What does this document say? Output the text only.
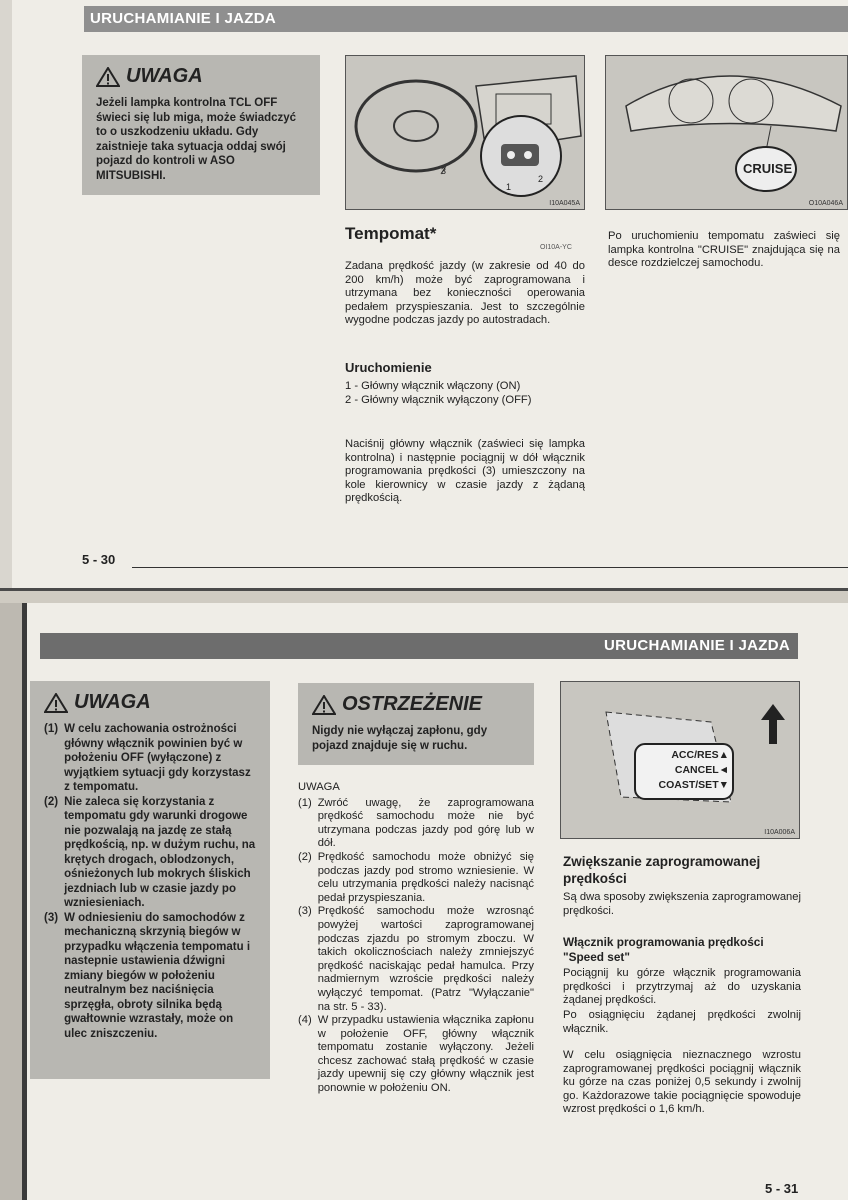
URUCHAMIANIE I JAZDA
UWAGA

Jeżeli lampka kontrolna TCL OFF świeci się lub miga, może świadczyć to o uszkodzeniu układu. Gdy zaistnieje taka sytuacja oddaj swój pojazd do kontroli w ASO MITSUBISHI.	3
1
2
I10A045A
CRUISE
O10A046A
Tempomat*
OI10A-YC

Zadana prędkość jazdy (w zakresie od 40 do 200 km/h) może być zaprogramowana i utrzymana bez konieczności operowania pedałem przyspieszania. Jest to szczególnie wygodne podczas jazdy po autostradach.

Uruchomienie
1 - Główny włącznik włączony (ON)
2 - Główny włącznik wyłączony (OFF)

Naciśnij główny włącznik (zaświeci się lampka kontrolna) i następnie pociągnij w dół włącznik programowania prędkości (3) umieszczony na kole kierownicy w czasie jazdy z żądaną prędkością.

Po uruchomieniu tempomatu zaświeci się lampka kontrolna "CRUISE" znajdująca się na desce rozdzielczej samochodu.

5 - 30
URUCHAMIANIE I JAZDA
UWAGA
(1) W celu zachowania ostrożności główny włącznik powinien być w położeniu OFF (wyłączone) z wyjątkiem sytuacji gdy korzystasz z tempomatu.
(2) Nie zaleca się korzystania z tempomatu gdy warunki drogowe nie pozwalają na jazdę ze stałą prędkością, np. w dużym ruchu, na krętych drogach, oblodzonych, ośnieżonych lub mokrych śliskich jezdniach lub w czasie jazdy po wzniesieniach.
(3) W odniesieniu do samochodów z mechaniczną skrzynią biegów w przypadku włączenia tempomatu i nastepnie ustawienia dźwigni zmiany biegów w położeniu neutralnym bez naciśnięcia sprzęgła, obroty silnika będą gwałtownie wzrastały, może on ulec zniszczeniu.
OSTRZEŻENIE

Nigdy nie wyłączaj zapłonu, gdy pojazd znajduje się w ruchu.

UWAGA
(1) Zwróć uwagę, że zaprogramowana prędkość samochodu może nie być utrzymana podczas jazdy pod górę lub w dół.
(2) Prędkość samochodu może obniżyć się podczas jazdy pod stromo wzniesienie. W celu utrzymania prędkości należy nacisnąć pedał przyspieszania.
(3) Prędkość samochodu może wzrosnąć powyżej wartości zaprogramowanej podczas zjazdu po stromym zboczu. W takich okolicznościach należy zmniejszyć prędkość naciskając pedał hamulca. Przy nadmiernym wzroście prędkości należy wyłączyć tempomat. (Patrz "Wyłączanie" na str. 5 - 33).
(4) W przypadku ustawienia włącznika zapłonu w położenie OFF, główny włącznik tempomatu zostanie wyłączony. Jeżeli chcesz zachować stałą prędkość w czasie jazdy upewnij się czy główny włącznik jest ponownie w położeniu ON.
ACC/RES▲
CANCEL◄
COAST/SET▼
I10A006A
Zwiększanie zaprogramowanej prędkości

Są dwa sposoby zwiększenia zaprogramowanej prędkości.

Włącznik programowania prędkości "Speed set"

Pociągnij ku górze włącznik programowania prędkości i przytrzymaj aż do uzyskania żądanej prędkości.

Po osiągnięciu żądanej prędkości zwolnij włącznik.

W celu osiągnięcia nieznacznego wzrostu zaprogramowanej prędkości pociągnij włącznik ku górze na czas poniżej 0,5 sekundy i zwolnij go. Każdorazowe takie pociągnięcie spowoduje wzrost prędkości o 1,6 km/h.

5 - 31
